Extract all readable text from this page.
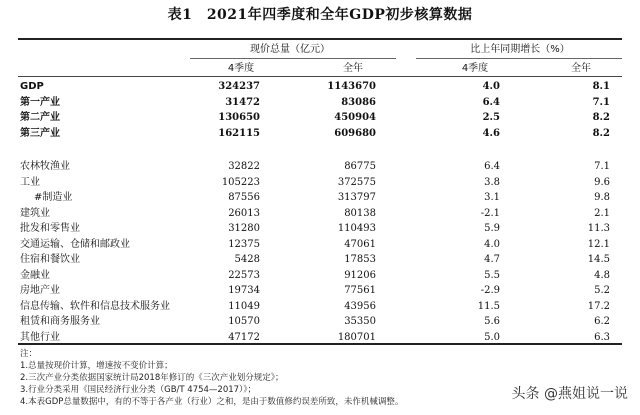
表1　2021年四季度和全年GDP初步核算数据
现价总量（亿元）	比上年同期增长（%）
4季度	全年	4季度	全年
GDP	324237	1143670	4.0	8.1
第一产业	31472	83086	6.4	7.1
第二产业	130650	450904	2.5	8.2
第三产业	162115	609680	4.6	8.2
农林牧渔业	32822	86775	6.4	7.1
工业	105223	372575	3.8	9.6
#制造业	87556	313797	3.1	9.8
建筑业	26013	80138	-2.1	2.1
批发和零售业	31280	110493	5.9	11.3
交通运输、仓储和邮政业	12375	47061	4.0	12.1
住宿和餐饮业	5428	17853	4.7	14.5
金融业	22573	91206	5.5	4.8
房地产业	19734	77561	-2.9	5.2
信息传输、软件和信息技术服务业	11049	43956	11.5	17.2
租赁和商务服务业	10570	35350	5.6	6.2
其他行业	47172	180701	5.0	6.3
注：
1.总量按现价计算，增速按不变价计算；
2.三次产业分类依据国家统计局2018年修订的《三次产业划分规定》；
3.行业分类采用《国民经济行业分类（GB/T 4754—2017）》；
4.本表GDP总量数据中，有的不等于各产业（行业）之和，是由于数值修约误差所致，未作机械调整。	头条 @燕姐说一说
